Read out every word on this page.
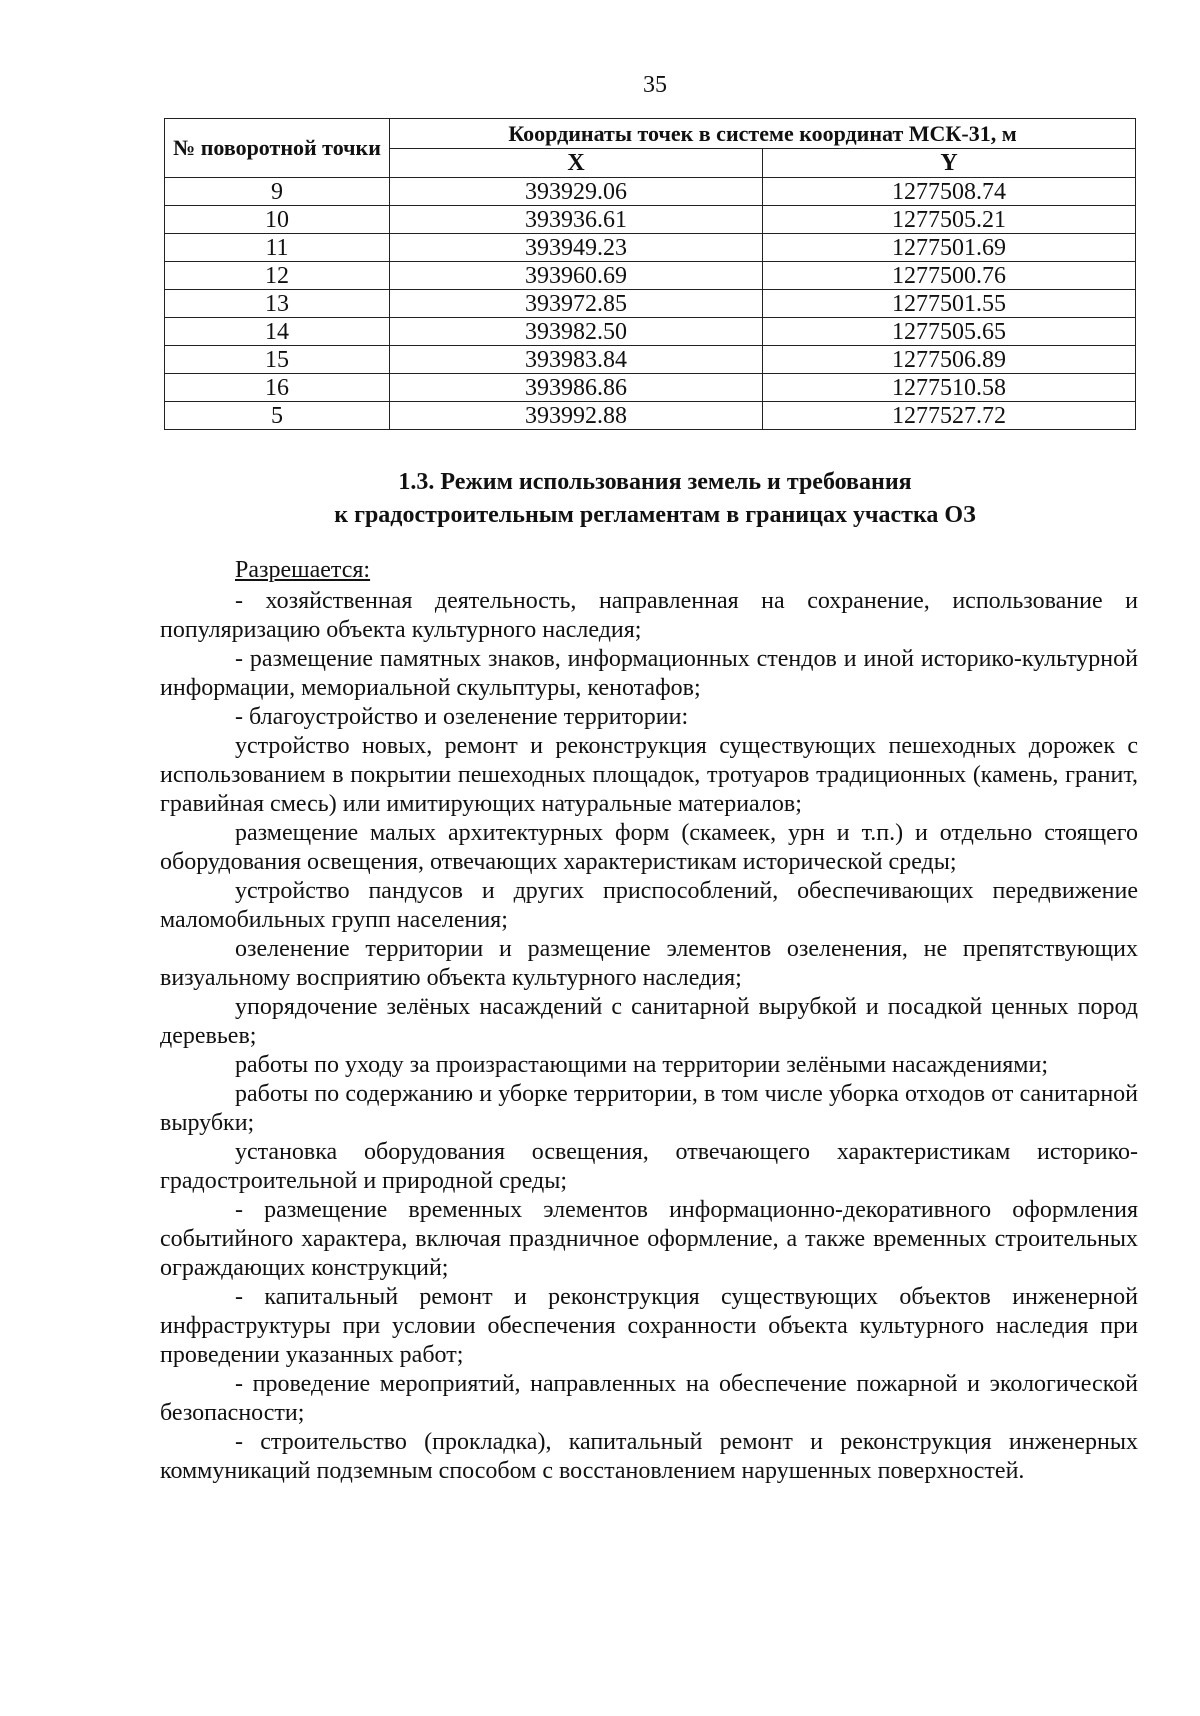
35
№ поворотной точки	Координаты точек в системе координат МСК-31, м	
	X	Y
9	393929.06	1277508.74
10	393936.61	1277505.21
11	393949.23	1277501.69
12	393960.69	1277500.76
13	393972.85	1277501.55
14	393982.50	1277505.65
15	393983.84	1277506.89
16	393986.86	1277510.58
5	393992.88	1277527.72
1.3. Режим использования земель и требования
к градостроительным регламентам в границах участка ОЗ

Разрешается:

- хозяйственная деятельность, направленная на сохранение, использование и популяризацию объекта культурного наследия;

- размещение памятных знаков, информационных стендов и иной историко-культурной информации, мемориальной скульптуры, кенотафов;

- благоустройство и озеленение территории:

устройство новых, ремонт и реконструкция существующих пешеходных дорожек с использованием в покрытии пешеходных площадок, тротуаров традиционных (камень, гранит, гравийная смесь) или имитирующих натуральные материалов;

размещение малых архитектурных форм (скамеек, урн и т.п.) и отдельно стоящего оборудования освещения, отвечающих характеристикам исторической среды;

устройство пандусов и других приспособлений, обеспечивающих передвижение маломобильных групп населения;

озеленение территории и размещение элементов озеленения, не препятствующих визуальному восприятию объекта культурного наследия;

упорядочение зелёных насаждений с санитарной вырубкой и посадкой ценных пород деревьев;

работы по уходу за произрастающими на территории зелёными насаждениями;

работы по содержанию и уборке территории, в том числе уборка отходов от санитарной вырубки;

установка оборудования освещения, отвечающего характеристикам историко-градостроительной и природной среды;

- размещение временных элементов информационно-декоративного оформления событийного характера, включая праздничное оформление, а также временных строительных ограждающих конструкций;

- капитальный ремонт и реконструкция существующих объектов инженерной инфраструктуры при условии обеспечения сохранности объекта культурного наследия при проведении указанных работ;

- проведение мероприятий, направленных на обеспечение пожарной и экологической безопасности;

- строительство (прокладка), капитальный ремонт и реконструкция инженерных коммуникаций подземным способом с восстановлением нарушенных поверхностей.
